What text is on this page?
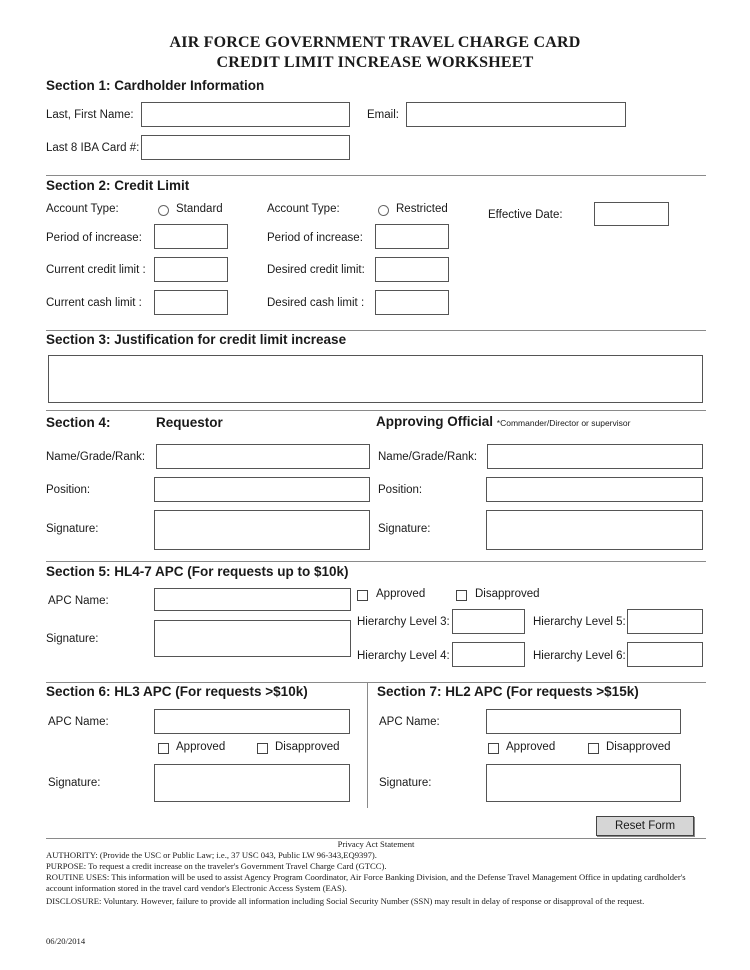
AIR FORCE GOVERNMENT TRAVEL CHARGE CARD
CREDIT LIMIT INCREASE WORKSHEET
Section 1: Cardholder Information
Last, First Name:	Email:
Last 8 IBA Card #:
Section 2: Credit Limit
Account Type:	Standard	Account Type:	Restricted	Effective Date:
Period of increase:	Period of increase:
Current credit limit :	Desired credit limit:
Current cash limit :	Desired cash limit :
Section 3: Justification for credit limit increase
Section 4:	Requestor	Approving Official *Commander/Director or supervisor
Name/Grade/Rank:	Name/Grade/Rank:
Position:	Position:
Signature:	Signature:
Section 5: HL4-7 APC (For requests up to $10k)
APC Name:
Signature:
Approved	Disapproved
Hierarchy Level 3:	Hierarchy Level 5:
Hierarchy Level 4:	Hierarchy Level 6:
Section 6: HL3 APC (For requests >$10k)
APC Name:
Approved	Disapproved
Signature:
Section 7: HL2 APC (For requests >$15k)
APC Name:
Approved	Disapproved
Signature:
Reset Form
Privacy Act Statement
AUTHORITY: (Provide the USC or Public Law; i.e., 37 USC 043, Public LW 96-343,EQ9397).
PURPOSE: To request a credit increase on the traveler's Government Travel Charge Card (GTCC).
ROUTINE USES: This information will be used to assist Agency Program Coordinator, Air Force Banking Division, and the Defense Travel Management Office in updating cardholder's account information stored in the travel card vendor's Electronic Access System (EAS).
DISCLOSURE: Voluntary. However, failure to provide all information including Social Security Number (SSN) may result in delay of response or disapproval of the request.
06/20/2014
